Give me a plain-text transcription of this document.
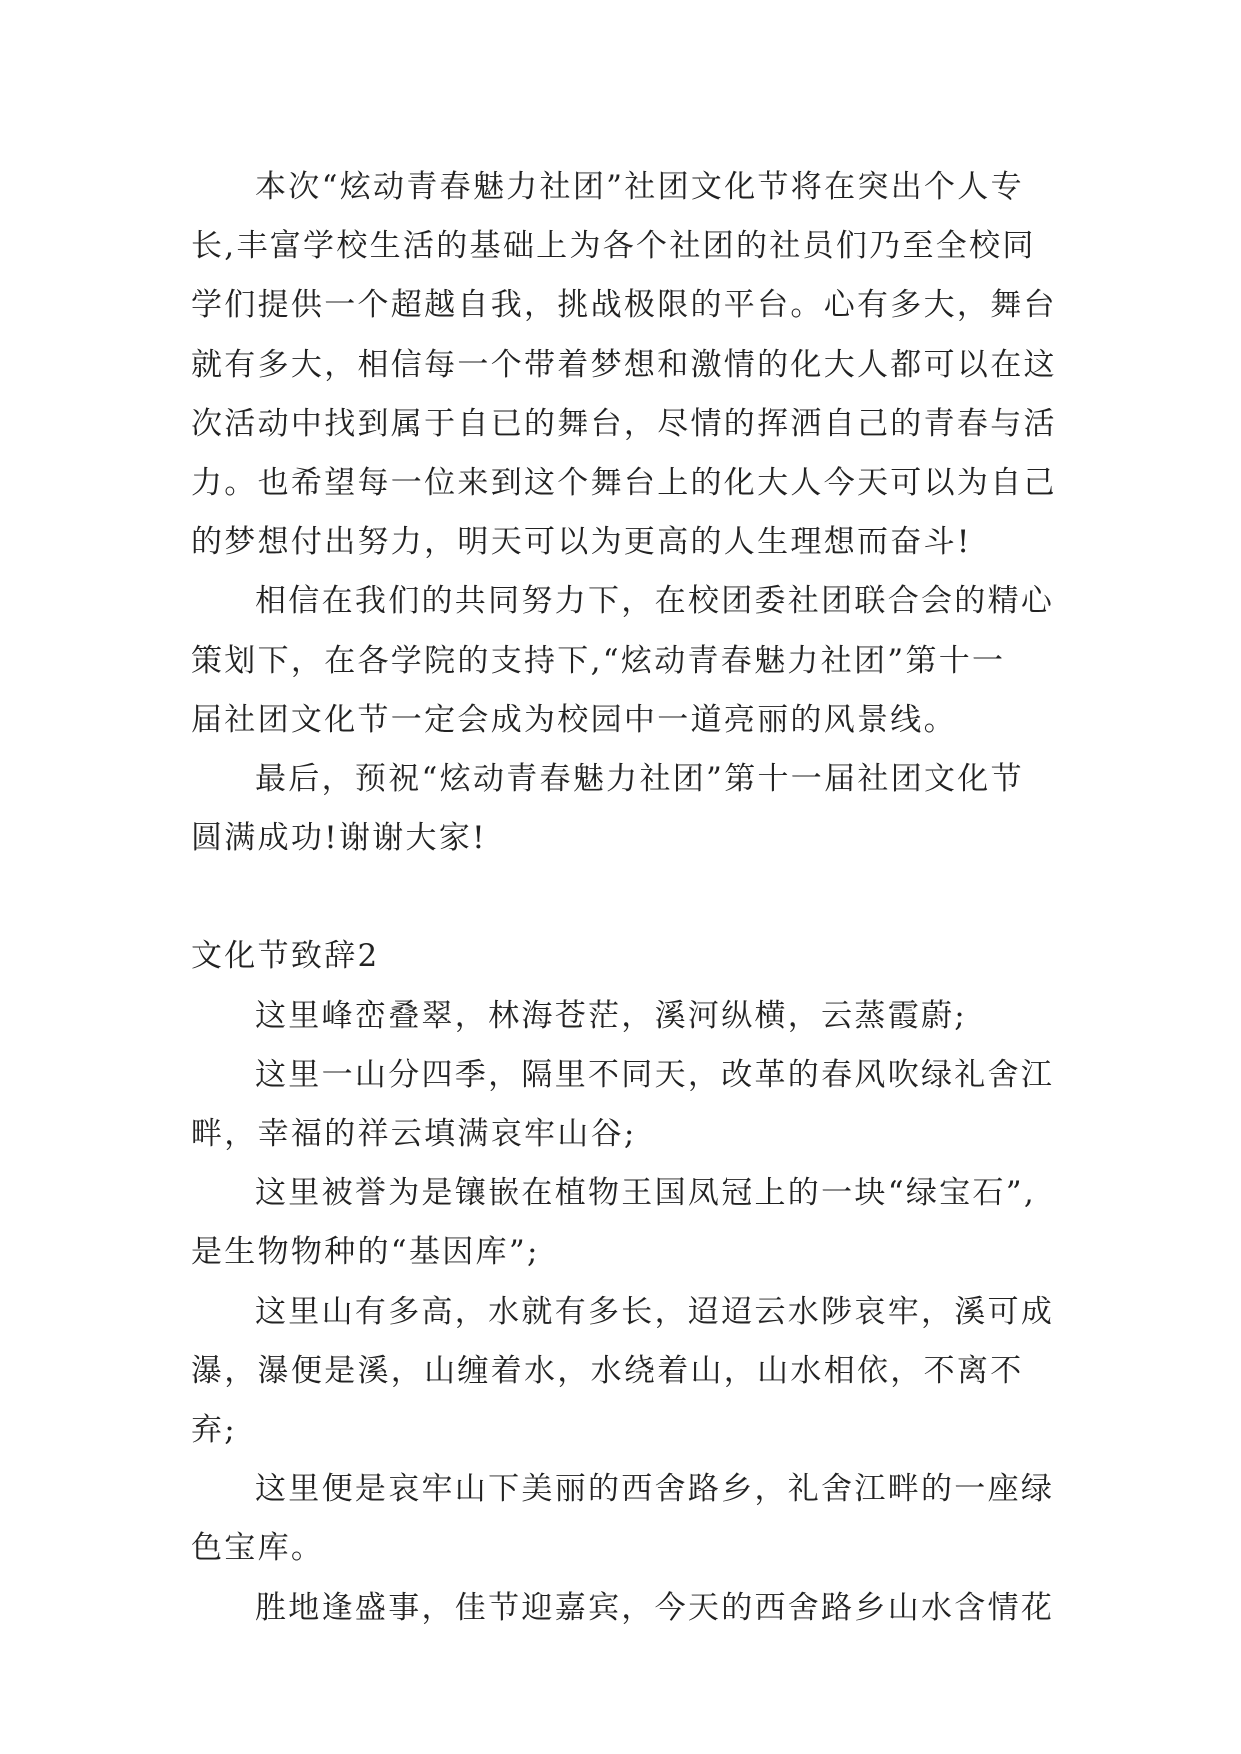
本次“炫动青春魅力社团”社团文化节将在突出个人专
长,丰富学校生活的基础上为各个社团的社员们乃至全校同
学们提供一个超越自我，挑战极限的平台。心有多大，舞台
就有多大，相信每一个带着梦想和激情的化大人都可以在这
次活动中找到属于自已的舞台，尽情的挥洒自己的青春与活
力。也希望每一位来到这个舞台上的化大人今天可以为自己
的梦想付出努力，明天可以为更高的人生理想而奋斗!

相信在我们的共同努力下，在校团委社团联合会的精心
策划下，在各学院的支持下,“炫动青春魅力社团”第十一
届社团文化节一定会成为校园中一道亮丽的风景线。

最后，预祝“炫动青春魅力社团”第十一届社团文化节
圆满成功!谢谢大家!

文化节致辞2

这里峰峦叠翠，林海苍茫，溪河纵横，云蒸霞蔚;

这里一山分四季，隔里不同天，改革的春风吹绿礼舍江
畔，幸福的祥云填满哀牢山谷;

这里被誉为是镶嵌在植物王国凤冠上的一块“绿宝石”,
是生物物种的“基因库”;

这里山有多高，水就有多长，迢迢云水陟哀牢，溪可成
瀑，瀑便是溪，山缠着水，水绕着山，山水相依，不离不弃;

这里便是哀牢山下美丽的西舍路乡，礼舍江畔的一座绿
色宝库。

胜地逢盛事，佳节迎嘉宾，今天的西舍路乡山水含情花
